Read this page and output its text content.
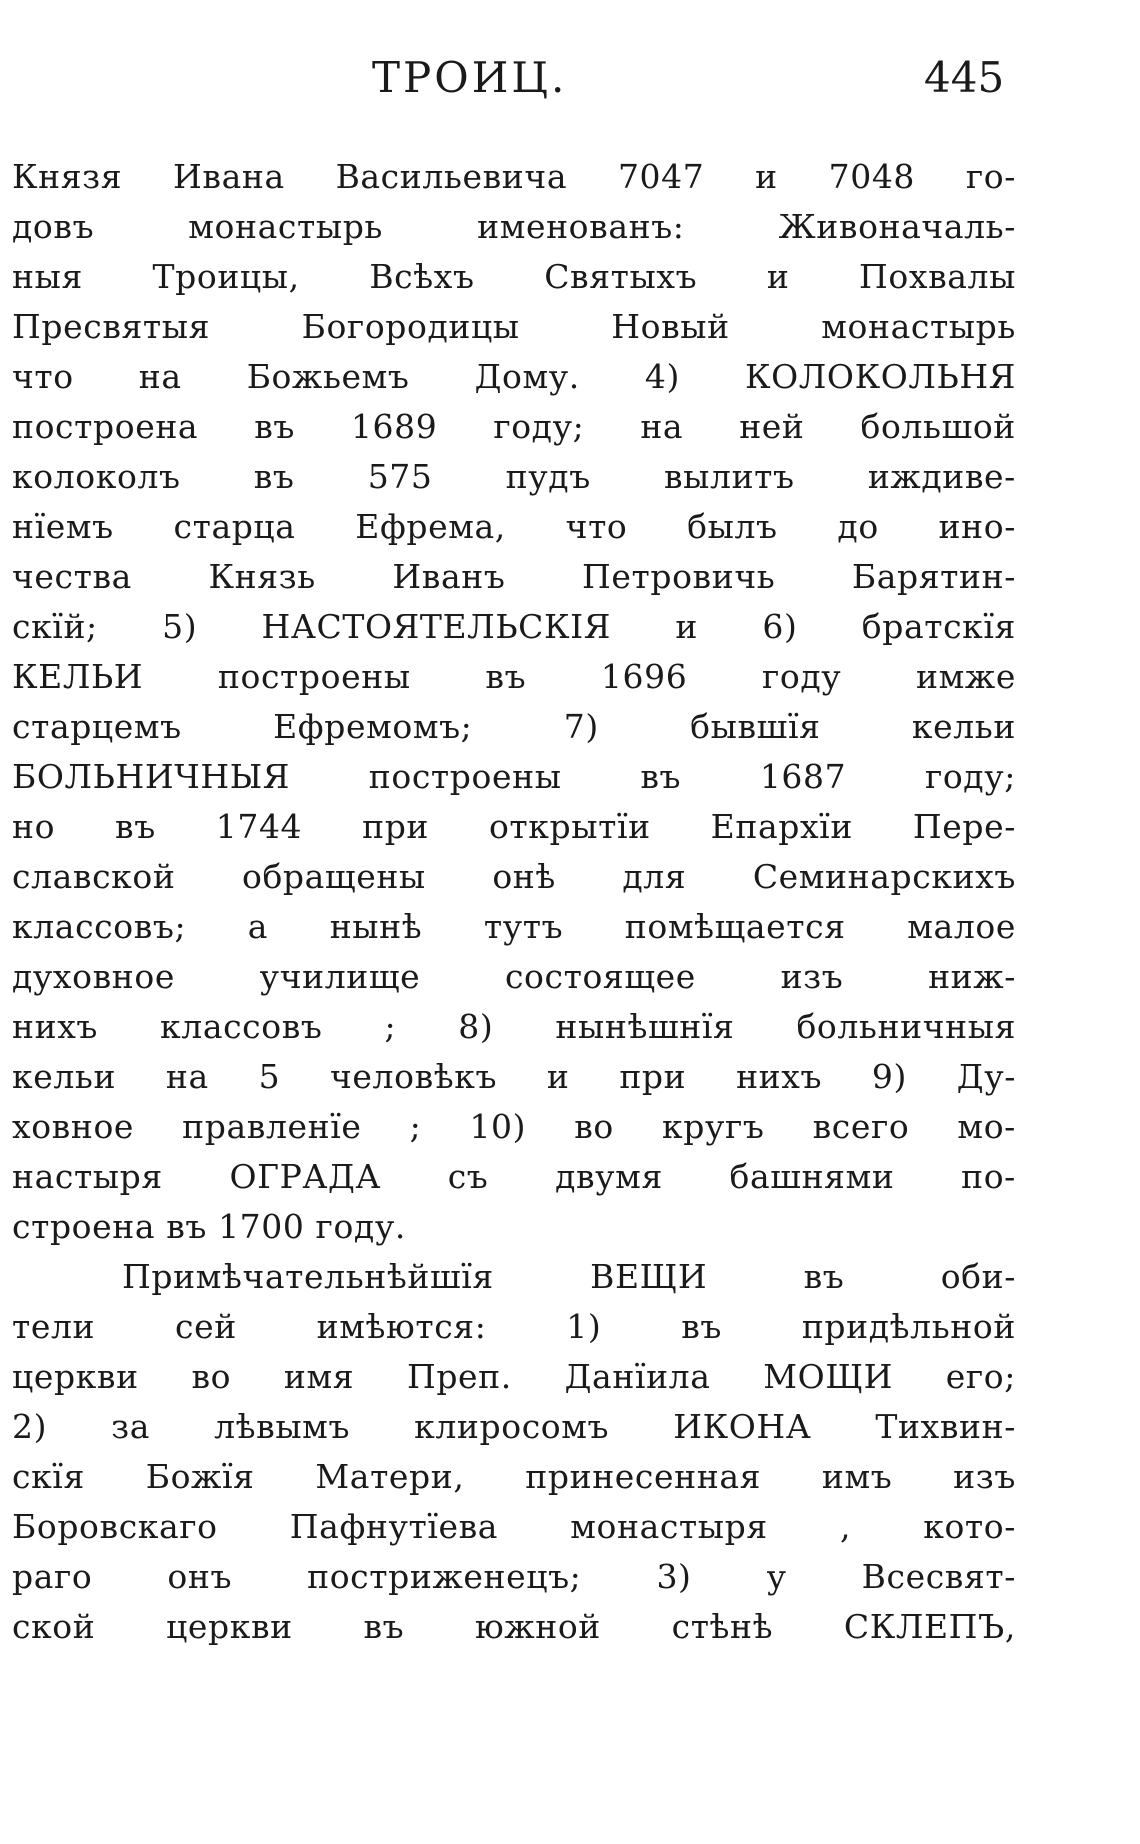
ТРОИЦ.	445
Князя Ивана Васильевича 7047 и 7048 го-
довъ	монастырь	именованъ:	Живоначаль-
ныя Троицы, Всѣхъ Святыхъ и Похвалы
Пресвятыя	Богородицы	Новый	монастырь
что на Божьемъ Дому. 4) КОЛОКОЛЬНЯ
построена въ 1689 году; на ней большой
колоколъ въ 575 пудъ вылитъ иждиве-
нїемъ старца Ефрема, что былъ до ино-
чества Князь Иванъ Петровичь Барятин-
скїй; 5) НАСТОЯТЕЛЬСКIЯ и 6) братскїя
КЕЛЬИ построены въ 1696 году имже
старцемъ	Ефремомъ;	7)	бывшїя	кельи
БОЛЬНИЧНЫЯ построены въ 1687 году;
но въ 1744 при открытїи Епархїи Пере-
славской обращены онѣ для Семинарскихъ
классовъ; а нынѣ тутъ помѣщается малое
духовное	училище	состоящее	изъ	ниж-
нихъ классовъ ; 8) нынѣшнїя больничныя
кельи на 5 человѣкъ и при нихъ 9) Ду-
ховное правленїе ; 10) во кругъ всего мо-
настыря ОГРАДА съ двумя башнями по-
строена въ 1700 году.
Примѣчательнѣйшїя	ВЕЩИ	въ	оби-
тели сей имѣются: 1) въ придѣльной
церкви во имя Преп. Данїила МОЩИ его;
2) за лѣвымъ клиросомъ ИКОНА Тихвин-
скїя Божїя Матери, принесенная имъ изъ
Боровскаго Пафнутїева монастыря , кото-
раго онъ постриженецъ; 3) у Всесвят-
ской церкви въ южной стѣнѣ СКЛЕПЪ,
